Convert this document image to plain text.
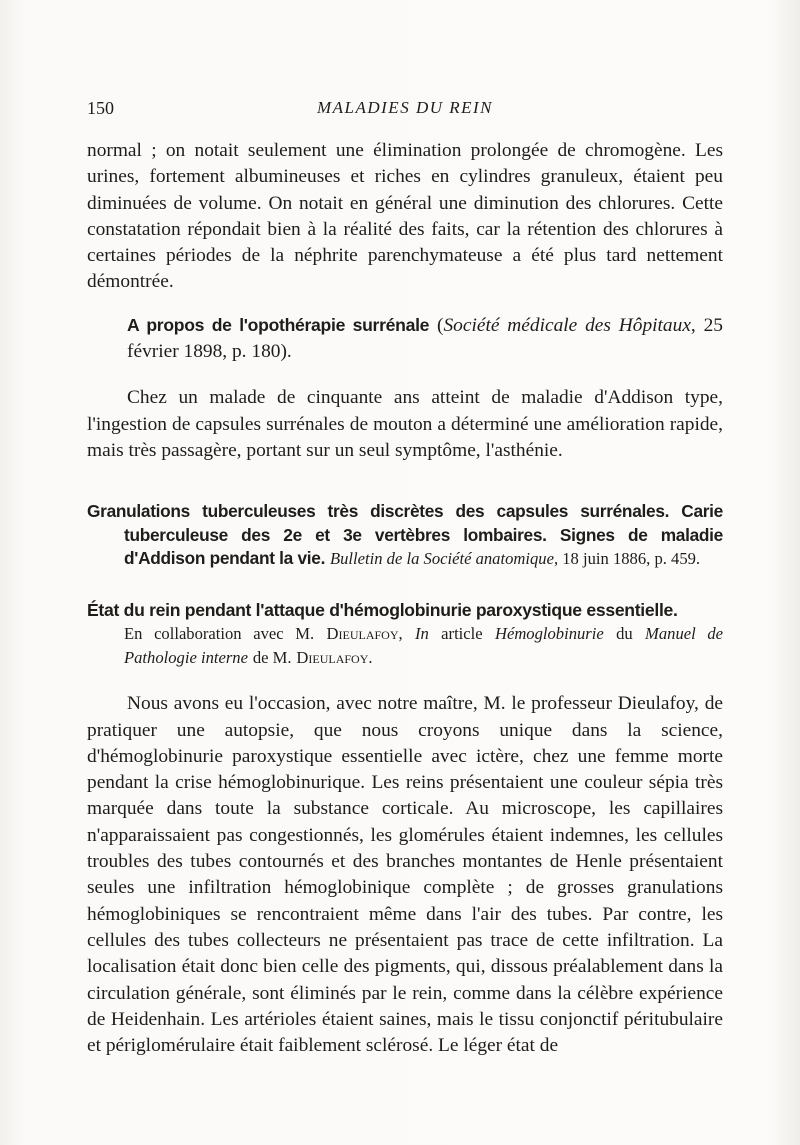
150	MALADIES DU REIN

normal ; on notait seulement une élimination prolongée de chromogène. Les urines, fortement albumineuses et riches en cylindres granuleux, étaient peu diminuées de volume. On notait en général une diminution des chlorures. Cette constatation répondait bien à la réalité des faits, car la rétention des chlorures à certaines périodes de la néphrite parenchymateuse a été plus tard nettement démontrée.

A propos de l'opothérapie surrénale (Société médicale des Hôpitaux, 25 février 1898, p. 180).

Chez un malade de cinquante ans atteint de maladie d'Addison type, l'ingestion de capsules surrénales de mouton a déterminé une amélioration rapide, mais très passagère, portant sur un seul symptôme, l'asthénie.

Granulations tuberculeuses très discrètes des capsules surrénales. Carie tuberculeuse des 2e et 3e vertèbres lombaires. Signes de maladie d'Addison pendant la vie. Bulletin de la Société anatomique, 18 juin 1886, p. 459.

État du rein pendant l'attaque d'hémoglobinurie paroxystique essentielle.
En collaboration avec M. Dieulafoy, In article Hémoglobinurie du Manuel de Pathologie interne de M. Dieulafoy.

Nous avons eu l'occasion, avec notre maître, M. le professeur Dieulafoy, de pratiquer une autopsie, que nous croyons unique dans la science, d'hémoglobinurie paroxystique essentielle avec ictère, chez une femme morte pendant la crise hémoglobinurique. Les reins présentaient une couleur sépia très marquée dans toute la substance corticale. Au microscope, les capillaires n'apparaissaient pas congestionnés, les glomérules étaient indemnes, les cellules troubles des tubes contournés et des branches montantes de Henle présentaient seules une infiltration hémoglobinique complète ; de grosses granulations hémoglobiniques se rencontraient même dans l'air des tubes. Par contre, les cellules des tubes collecteurs ne présentaient pas trace de cette infiltration. La localisation était donc bien celle des pigments, qui, dissous préalablement dans la circulation générale, sont éliminés par le rein, comme dans la célèbre expérience de Heidenhain. Les artérioles étaient saines, mais le tissu conjonctif péritubulaire et périglomérulaire était faiblement sclérosé. Le léger état de
